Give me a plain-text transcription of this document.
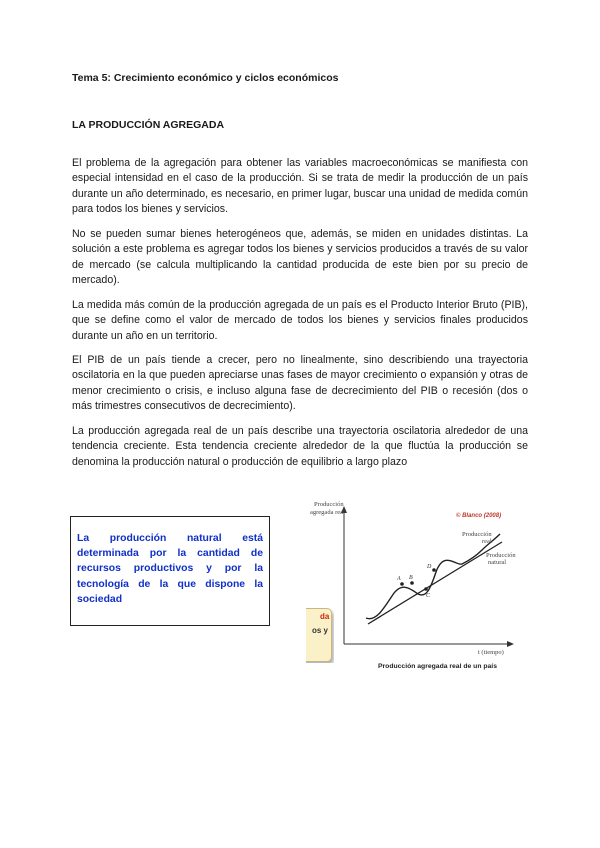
Tema 5: Crecimiento económico y ciclos económicos
LA PRODUCCIÓN AGREGADA

El problema de la agregación para obtener las variables macroeconómicas se manifiesta con especial intensidad en el caso de la producción. Si se trata de medir la producción de un país durante un año determinado, es necesario, en primer lugar, buscar una unidad de medida común para todos los bienes y servicios.

No se pueden sumar bienes heterogéneos que, además, se miden en unidades distintas. La solución a este problema es agregar todos los bienes y servicios producidos a través de su valor de mercado (se calcula multiplicando la cantidad producida de este bien por su precio de mercado).

La medida más común de la producción agregada de un país es el Producto Interior Bruto (PIB), que se define como el valor de mercado de todos los bienes y servicios finales producidos durante un año en un territorio.

El PIB de un país tiende a crecer, pero no linealmente, sino describiendo una trayectoria oscilatoria en la que pueden apreciarse unas fases de mayor crecimiento o expansión y otras de menor crecimiento o crisis, e incluso alguna fase de decrecimiento del PIB o recesión (dos o más trimestres consecutivos de decrecimiento).

La producción agregada real de un país describe una trayectoria oscilatoria alrededor de una tendencia creciente. Esta tendencia creciente alrededor de la que fluctúa la producción se denomina la producción natural o producción de equilibrio a largo plazo

La producción natural está determinada por la cantidad de recursos productivos y por la tecnología de la que dispone la sociedad

da
os y
Producción
agregada real
t (tiempo)
© Blanco (2008)
A B
C
D
Producción
real
Producción
natural
Producción agregada real de un país
